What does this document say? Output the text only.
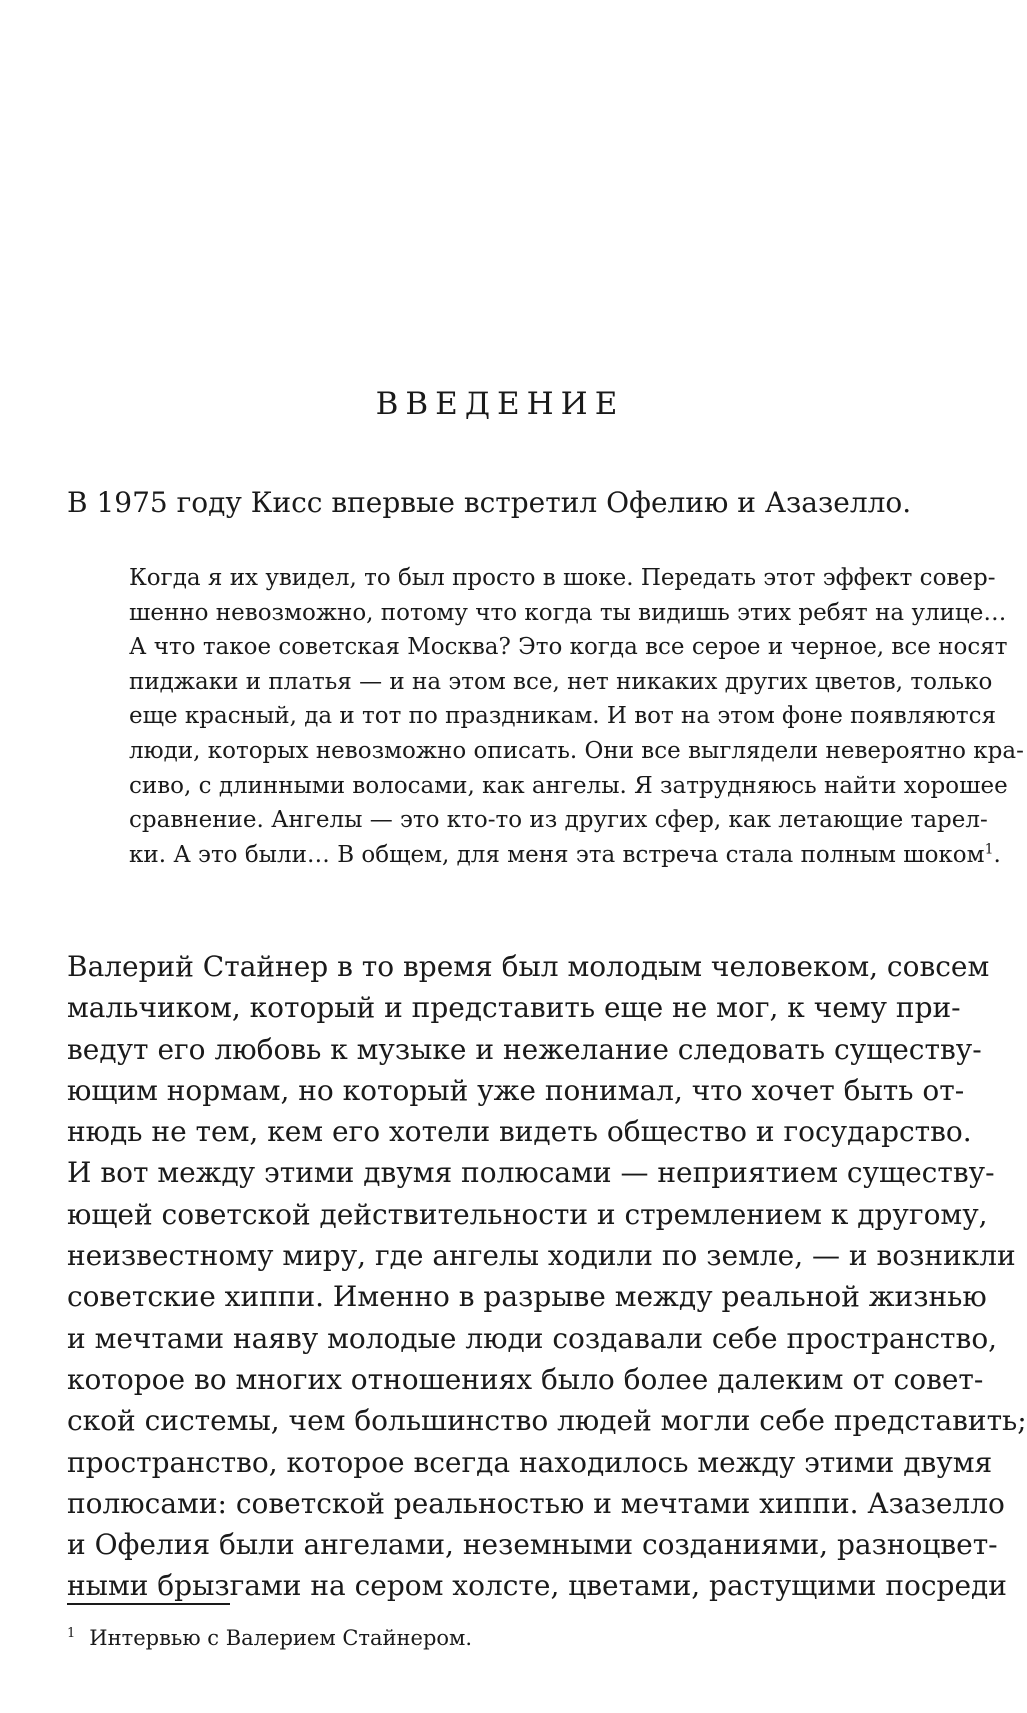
ВВЕДЕНИЕ

В 1975 году Кисс впервые встретил Офелию и Азазелло.

Когда я их увидел, то был просто в шоке. Передать этот эффект совер-
шенно невозможно, потому что когда ты видишь этих ребят на улице…
А что такое советская Москва? Это когда все серое и черное, все носят
пиджаки и платья — и на этом все, нет никаких других цветов, только
еще красный, да и тот по праздникам. И вот на этом фоне появляются
люди, которых невозможно описать. Они все выглядели невероятно кра-
сиво, с длинными волосами, как ангелы. Я затрудняюсь найти хорошее
сравнение. Ангелы — это кто-то из других сфер, как летающие тарел-
ки. А это были… В общем, для меня эта встреча стала полным шоком$^1$.
Валерий Стайнер в то время был молодым человеком, совсем
мальчиком, который и представить еще не мог, к чему при-
ведут его любовь к музыке и нежелание следовать существу-
ющим нормам, но который уже понимал, что хочет быть от-
нюдь не тем, кем его хотели видеть общество и государство.
И вот между этими двумя полюсами — неприятием существу-
ющей советской действительности и стремлением к другому,
неизвестному миру, где ангелы ходили по земле, — и возникли
советские хиппи. Именно в разрыве между реальной жизнью
и мечтами наяву молодые люди создавали себе пространство,
которое во многих отношениях было более далеким от совет-
ской системы, чем большинство людей могли себе представить;
пространство, которое всегда находилось между этими двумя
полюсами: советской реальностью и мечтами хиппи. Азазелло
и Офелия были ангелами, неземными созданиями, разноцвет-
ными брызгами на сером холсте, цветами, растущими посреди

$^1$ Интервью с Валерием Стайнером.
